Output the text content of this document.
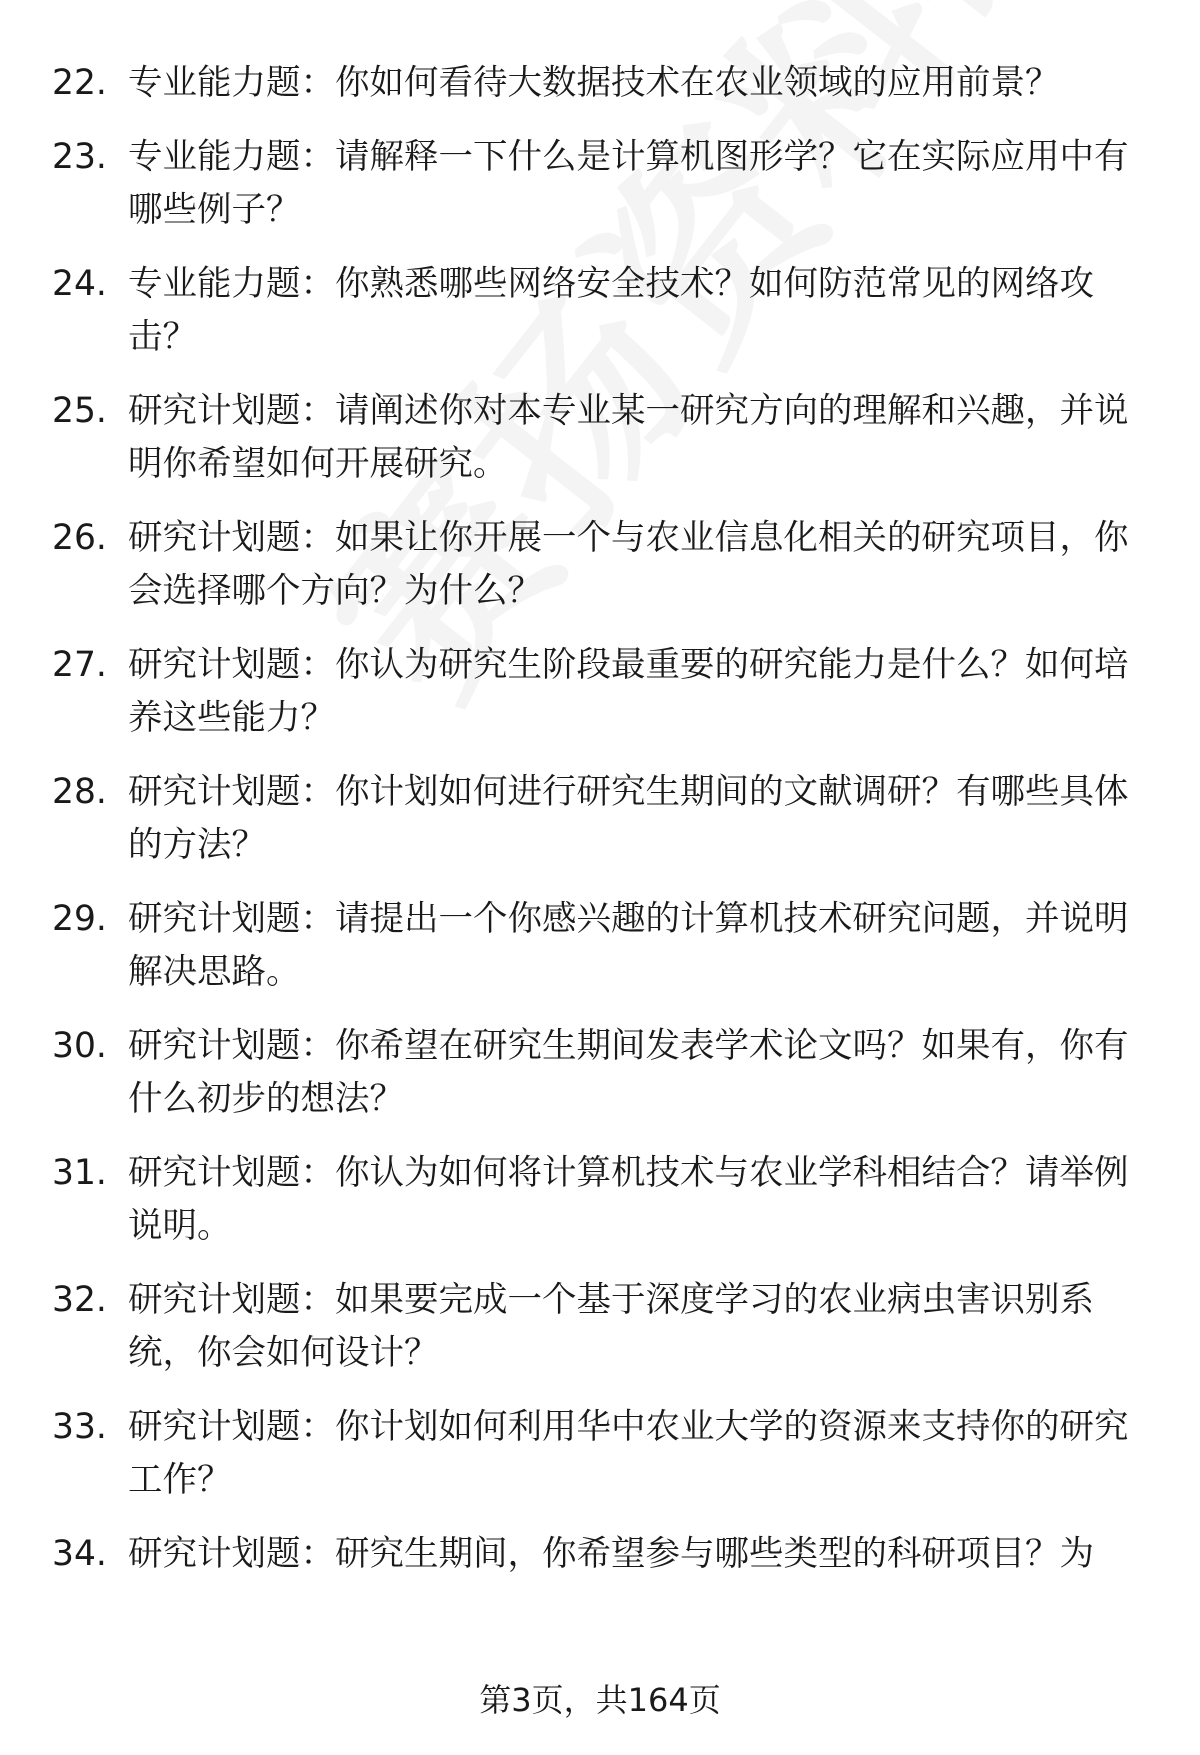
22. 专业能力题：你如何看待大数据技术在农业领域的应用前景？
23. 专业能力题：请解释一下什么是计算机图形学？它在实际应用中有哪些例子？
24. 专业能力题：你熟悉哪些网络安全技术？如何防范常见的网络攻击？
25. 研究计划题：请阐述你对本专业某一研究方向的理解和兴趣，并说明你希望如何开展研究。
26. 研究计划题：如果让你开展一个与农业信息化相关的研究项目，你会选择哪个方向？为什么？
27. 研究计划题：你认为研究生阶段最重要的研究能力是什么？如何培养这些能力？
28. 研究计划题：你计划如何进行研究生期间的文献调研？有哪些具体的方法？
29. 研究计划题：请提出一个你感兴趣的计算机技术研究问题，并说明解决思路。
30. 研究计划题：你希望在研究生期间发表学术论文吗？如果有，你有什么初步的想法？
31. 研究计划题：你认为如何将计算机技术与农业学科相结合？请举例说明。
32. 研究计划题：如果要完成一个基于深度学习的农业病虫害识别系统，你会如何设计？
33. 研究计划题：你计划如何利用华中农业大学的资源来支持你的研究工作？
34. 研究计划题：研究生期间，你希望参与哪些类型的科研项目？为
第3页，共164页
